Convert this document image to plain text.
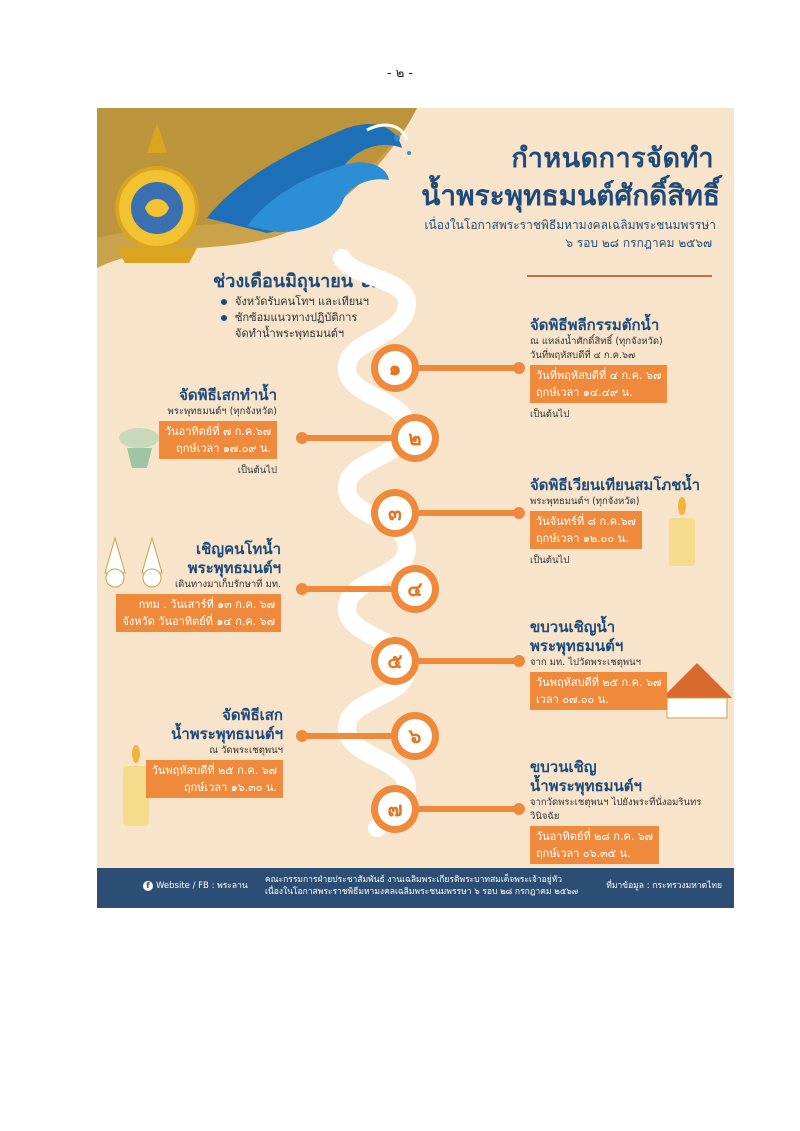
- ๒ -
กำหนดการจัดทำ
น้ำพระพุทธมนต์ศักดิ์สิทธิ์
เนื่องในโอกาสพระราชพิธีมหามงคลเฉลิมพระชนมพรรษา
๖ รอบ ๒๘ กรกฎาคม ๒๕๖๗
ช่วงเดือนมิถุนายน ๖๗
จังหวัดรับคนโทฯ และเทียนฯ
ซักซ้อมแนวทางปฏิบัติการ
จัดทำน้ำพระพุทธมนต์ฯ
๑
๒
๓
๔
๕
๖
๗
จัดพิธีพลีกรรมตักน้ำ
ณ แหล่งน้ำศักดิ์สิทธิ์ (ทุกจังหวัด)
วันที่พฤหัสบดีที่ ๔ ก.ค.๖๗
วันที่พฤหัสบดีที่ ๔ ก.ค. ๖๗
ฤกษ์เวลา ๑๔.๔๙ น.
เป็นต้นไป
จัดพิธีเสกทำน้ำ
พระพุทธมนต์ฯ (ทุกจังหวัด)
วันอาทิตย์ที่ ๗ ก.ค.๖๗
ฤกษ์เวลา ๑๗.๐๙ น.
เป็นต้นไป
จัดพิธีเวียนเทียนสมโภชน้ำ
พระพุทธมนต์ฯ (ทุกจังหวัด)
วันจันทร์ที่ ๘ ก.ค.๖๗
ฤกษ์เวลา ๑๒.๐๐ น.
เป็นต้นไป
เชิญคนโทน้ำ
พระพุทธมนต์ฯ
เดินทางมาเก็บรักษาที่ มท.
กทม . วันเสาร์ที่ ๑๓ ก.ค. ๖๗
จังหวัด วันอาทิตย์ที่ ๑๔ ก.ค. ๖๗	ขบวนเชิญน้ำ
พระพุทธมนต์ฯ
จาก มท. ไปวัดพระเชตุพนฯ
วันพฤหัสบดีที่ ๒๕ ก.ค. ๖๗
เวลา ๐๗.๐๐ น.
จัดพิธีเสก
น้ำพระพุทธมนต์ฯ
ณ วัดพระเชตุพนฯ
วันพฤหัสบดีที่ ๒๕ ก.ค. ๖๗
ฤกษ์เวลา ๑๖.๓๐ น.
ขบวนเชิญ
น้ำพระพุทธมนต์ฯ
จากวัดพระเชตุพนฯ ไปยังพระที่นั่งอมรินทรวินิจฉัย
วันอาทิตย์ที่ ๒๘ ก.ค. ๖๗
ฤกษ์เวลา ๐๖.๓๕ น.
f Website / FB : พระลาน
คณะกรรมการฝ่ายประชาสัมพันธ์ งานเฉลิมพระเกียรติพระบาทสมเด็จพระเจ้าอยู่หัว
เนื่องในโอกาสพระราชพิธีมหามงคลเฉลิมพระชนมพรรษา ๖ รอบ ๒๘ กรกฎาคม ๒๕๖๗
ที่มาข้อมูล : กระทรวงมหาดไทย
